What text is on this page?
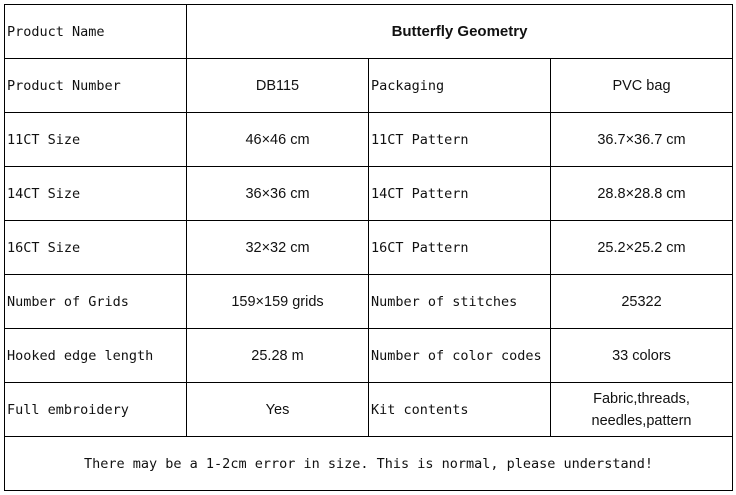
Product Name	Butterfly Geometry		
Product Number	DB115	Packaging	PVC bag
11CT Size	46×46 cm	11CT Pattern	36.7×36.7 cm
14CT Size	36×36 cm	14CT Pattern	28.8×28.8 cm
16CT Size	32×32 cm	16CT Pattern	25.2×25.2 cm
Number of Grids	159×159 grids	Number of stitches	25322
Hooked edge length	25.28 m	Number of color codes	33 colors
Full embroidery	Yes	Kit contents	Fabric,threads,
needles,pattern

There may be a 1-2cm error in size. This is normal, please understand!			
